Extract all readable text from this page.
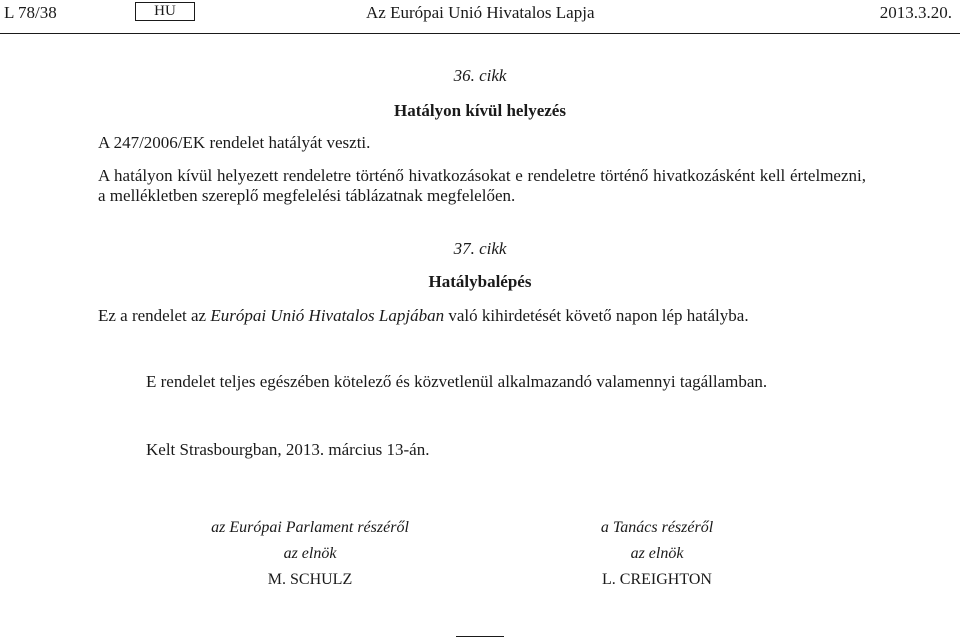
L 78/38	HU	Az Európai Unió Hivatalos Lapja	2013.3.20.
36. cikk
Hatályon kívül helyezés
A 247/2006/EK rendelet hatályát veszti.
A hatályon kívül helyezett rendeletre történő hivatkozásokat e rendeletre történő hivatkozásként kell értelmezni, a mellékletben szereplő megfelelési táblázatnak megfelelően.
37. cikk
Hatálybalépés
Ez a rendelet az Európai Unió Hivatalos Lapjában való kihirdetését követő napon lép hatályba.
E rendelet teljes egészében kötelező és közvetlenül alkalmazandó valamennyi tagállamban.
Kelt Strasbourgban, 2013. március 13-án.
az Európai Parlament részéről
az elnök
M. SCHULZ
a Tanács részéről
az elnök
L. CREIGHTON
